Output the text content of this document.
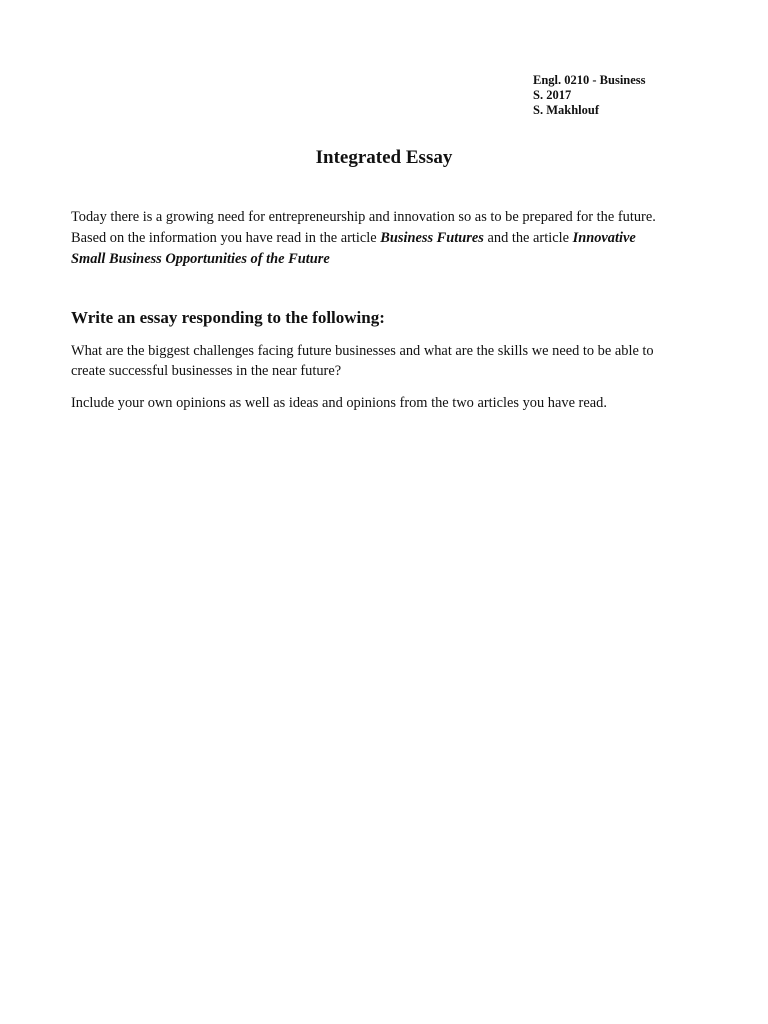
Engl. 0210 - Business
S. 2017
S. Makhlouf
Integrated Essay
Today there is a growing need for entrepreneurship and innovation so as to be prepared for the future.
Based on the information you have read in the article Business Futures and the article Innovative
Small Business Opportunities of the Future
Write an essay responding to the following:
What are the biggest challenges facing future businesses and what are the skills we need to be able to
create successful businesses in the near future?
Include your own opinions as well as ideas and opinions from the two articles you have read.
